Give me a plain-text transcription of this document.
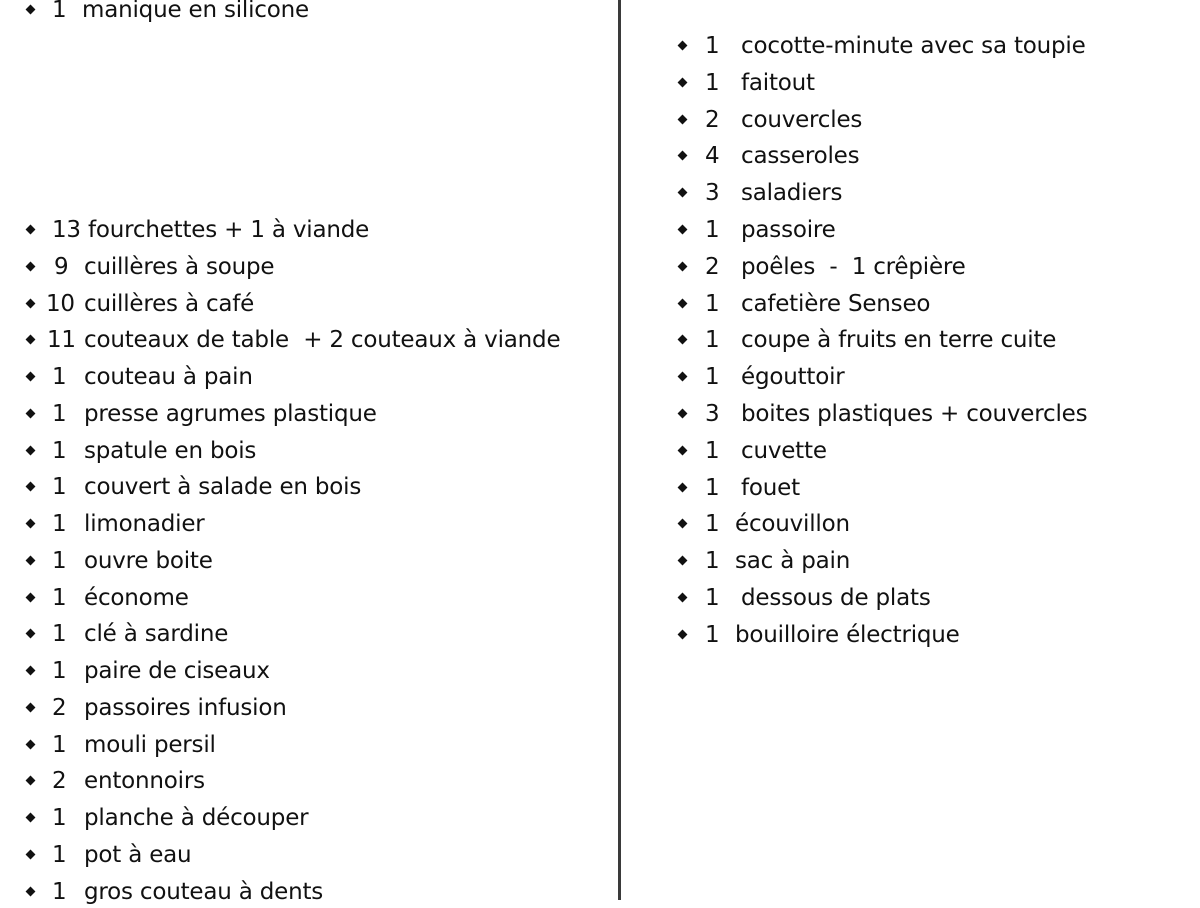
1 manique en silicone
13 fourchettes + 1 à viande
9 cuillères à soupe
10 cuillères à café
11 couteaux de table  + 2 couteaux à viande
1 couteau à pain
1 presse agrumes plastique
1 spatule en bois
1 couvert à salade en bois
1 limonadier
1 ouvre boite
1 économe
1 clé à sardine
1 paire de ciseaux
2 passoires infusion
1 mouli persil
2 entonnoirs
1 planche à découper
1 pot à eau
1 gros couteau à dents
1 cocotte-minute avec sa toupie
1 faitout
2 couvercles
4 casseroles
3 saladiers
1 passoire
2 poêles  -  1 crêpière
1 cafetière Senseo
1 coupe à fruits en terre cuite
1 égouttoir
3 boites plastiques + couvercles
1 cuvette
1 fouet
1 écouvillon
1 sac à pain
1 dessous de plats
1 bouilloire électrique
